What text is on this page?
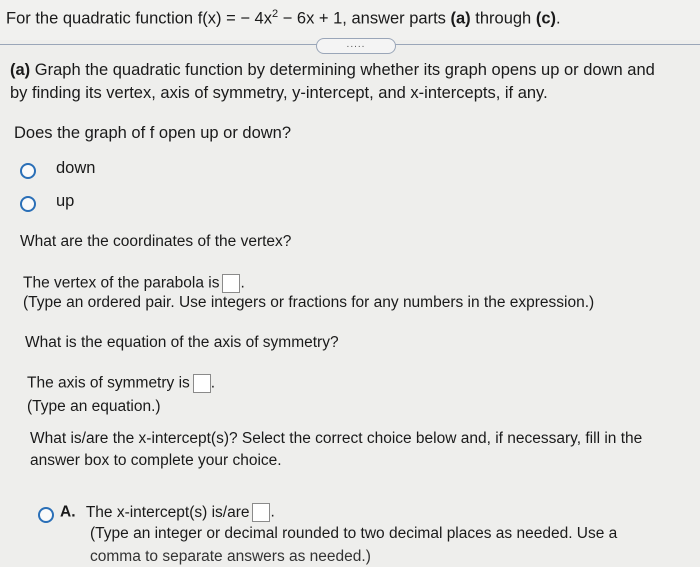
For the quadratic function f(x) = − $4x^2 - 6x + 1$, answer parts (a) through (c).
.....
(a) Graph the quadratic function by determining whether its graph opens up or down and
by finding its vertex, axis of symmetry, y-intercept, and x-intercepts, if any.
Does the graph of f open up or down?
down
up
What are the coordinates of the vertex?
The vertex of the parabola is .
(Type an ordered pair. Use integers or fractions for any numbers in the expression.)
What is the equation of the axis of symmetry?
The axis of symmetry is .
(Type an equation.)
What is/are the x-intercept(s)? Select the correct choice below and, if necessary, fill in the
answer box to complete your choice.
A. The x-intercept(s) is/are .
(Type an integer or decimal rounded to two decimal places as needed. Use a
comma to separate answers as needed.)
